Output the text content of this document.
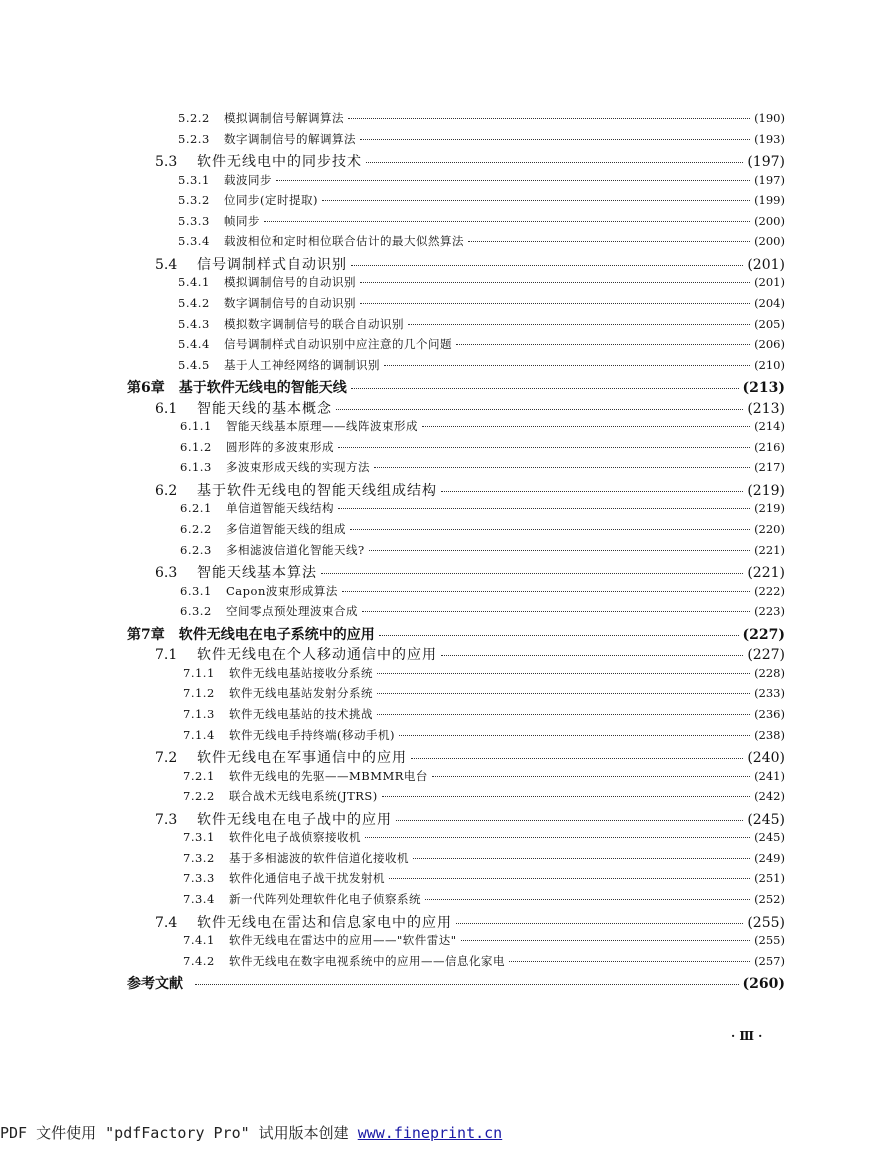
5.2.2	模拟调制信号解调算法	(190)
5.2.3	数字调制信号的解调算法	(193)
5.3	软件无线电中的同步技术	(197)
5.3.1	载波同步	(197)
5.3.2	位同步(定时提取)	(199)
5.3.3	帧同步	(200)
5.3.4	载波相位和定时相位联合估计的最大似然算法	(200)
5.4	信号调制样式自动识别	(201)
5.4.1	模拟调制信号的自动识别	(201)
5.4.2	数字调制信号的自动识别	(204)
5.4.3	模拟数字调制信号的联合自动识别	(205)
5.4.4	信号调制样式自动识别中应注意的几个问题	(206)
5.4.5	基于人工神经网络的调制识别	(210)
第6章 基于软件无线电的智能天线	(213)
6.1	智能天线的基本概念	(213)
6.1.1	智能天线基本原理——线阵波束形成	(214)
6.1.2	圆形阵的多波束形成	(216)
6.1.3	多波束形成天线的实现方法	(217)
6.2	基于软件无线电的智能天线组成结构	(219)
6.2.1	单信道智能天线结构	(219)
6.2.2	多信道智能天线的组成	(220)
6.2.3	多相滤波信道化智能天线?	(221)
6.3	智能天线基本算法	(221)
6.3.1	Capon波束形成算法	(222)
6.3.2	空间零点预处理波束合成	(223)
第7章 软件无线电在电子系统中的应用	(227)
7.1	软件无线电在个人移动通信中的应用	(227)
7.1.1	软件无线电基站接收分系统	(228)
7.1.2	软件无线电基站发射分系统	(233)
7.1.3	软件无线电基站的技术挑战	(236)
7.1.4	软件无线电手持终端(移动手机)	(238)
7.2	软件无线电在军事通信中的应用	(240)
7.2.1	软件无线电的先驱——MBMMR电台	(241)
7.2.2	联合战术无线电系统(JTRS)	(242)
7.3	软件无线电在电子战中的应用	(245)
7.3.1	软件化电子战侦察接收机	(245)
7.3.2	基于多相滤波的软件信道化接收机	(249)
7.3.3	软件化通信电子战干扰发射机	(251)
7.3.4	新一代阵列处理软件化电子侦察系统	(252)
7.4	软件无线电在雷达和信息家电中的应用	(255)
7.4.1	软件无线电在雷达中的应用——"软件雷达"	(255)
7.4.2	软件无线电在数字电视系统中的应用——信息化家电	(257)
参考文献	(260)
· Ⅲ ·
PDF 文件使用 "pdfFactory Pro" 试用版本创建 www.fineprint.cn
